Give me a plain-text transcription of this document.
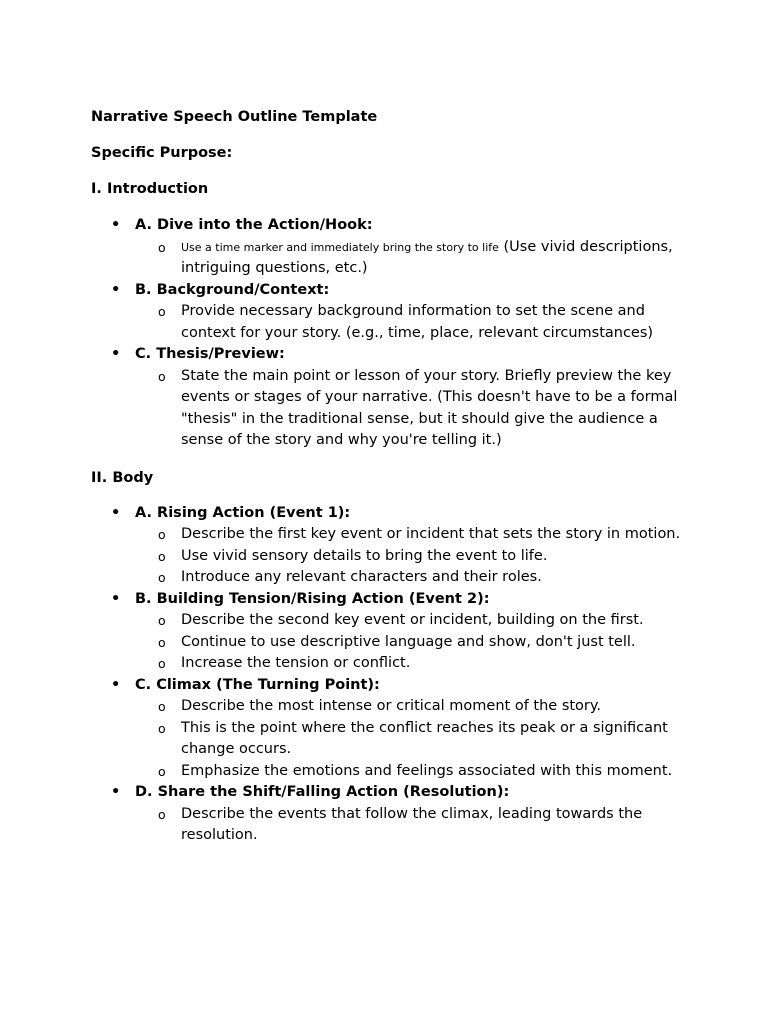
Narrative Speech Outline Template

Specific Purpose:

I. Introduction

• A. Dive into the Action/Hook:
o Use a time marker and immediately bring the story to life (Use vivid descriptions, intriguing questions, etc.)
• B. Background/Context:
o Provide necessary background information to set the scene and context for your story. (e.g., time, place, relevant circumstances)
• C. Thesis/Preview:
o State the main point or lesson of your story. Briefly preview the key events or stages of your narrative. (This doesn't have to be a formal "thesis" in the traditional sense, but it should give the audience a sense of the story and why you're telling it.)

II. Body

• A. Rising Action (Event 1):
o Describe the first key event or incident that sets the story in motion.
o Use vivid sensory details to bring the event to life.
o Introduce any relevant characters and their roles.
• B. Building Tension/Rising Action (Event 2):
o Describe the second key event or incident, building on the first.
o Continue to use descriptive language and show, don't just tell.
o Increase the tension or conflict.
• C. Climax (The Turning Point):
o Describe the most intense or critical moment of the story.
o This is the point where the conflict reaches its peak or a significant change occurs.
o Emphasize the emotions and feelings associated with this moment.
• D. Share the Shift/Falling Action (Resolution):
o Describe the events that follow the climax, leading towards the resolution.
